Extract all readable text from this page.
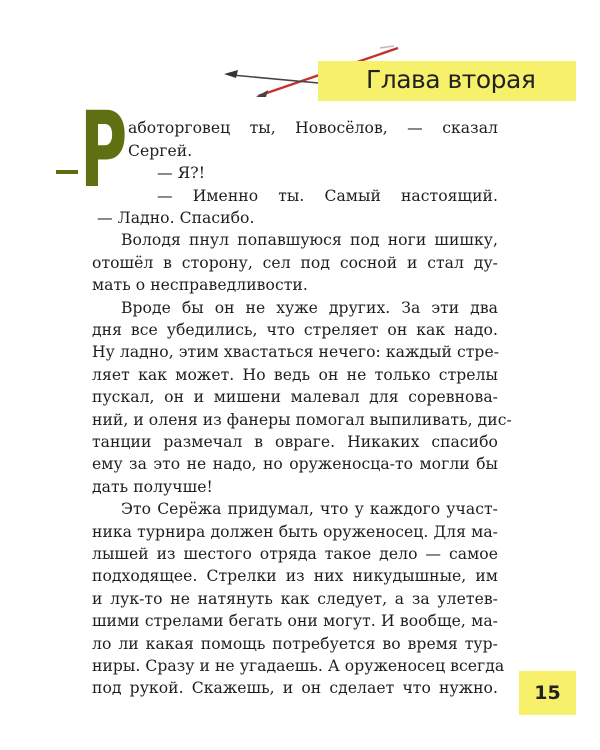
Глава вторая
Р аботорговец ты, Новосёлов, — сказал
Сергей.
— Я?!
— Именно ты. Самый настоящий.
— Ладно. Спасибо.
Володя пнул попавшуюся под ноги шишку,
отошёл в сторону, сел под сосной и стал ду-
мать о несправедливости.
Вроде бы он не хуже других. За эти два
дня все убедились, что стреляет он как надо.
Ну ладно, этим хвастаться нечего: каждый стре-
ляет как может. Но ведь он не только стрелы
пускал, он и мишени малевал для соревнова-
ний, и оленя из фанеры помогал выпиливать, дис-
танции размечал в овраге. Никаких спасибо
ему за это не надо, но оруженосца-то могли бы
дать получше!
Это Серёжа придумал, что у каждого участ-
ника турнира должен быть оруженосец. Для ма-
лышей из шестого отряда такое дело — самое
подходящее. Стрелки из них никудышные, им
и лук-то не натянуть как следует, а за улетев-
шими стрелами бегать они могут. И вообще, ма-
ло ли какая помощь потребуется во время тур-
ниры. Сразу и не угадаешь. А оруженосец всегда
под рукой. Скажешь, и он сделает что нужно.	15
